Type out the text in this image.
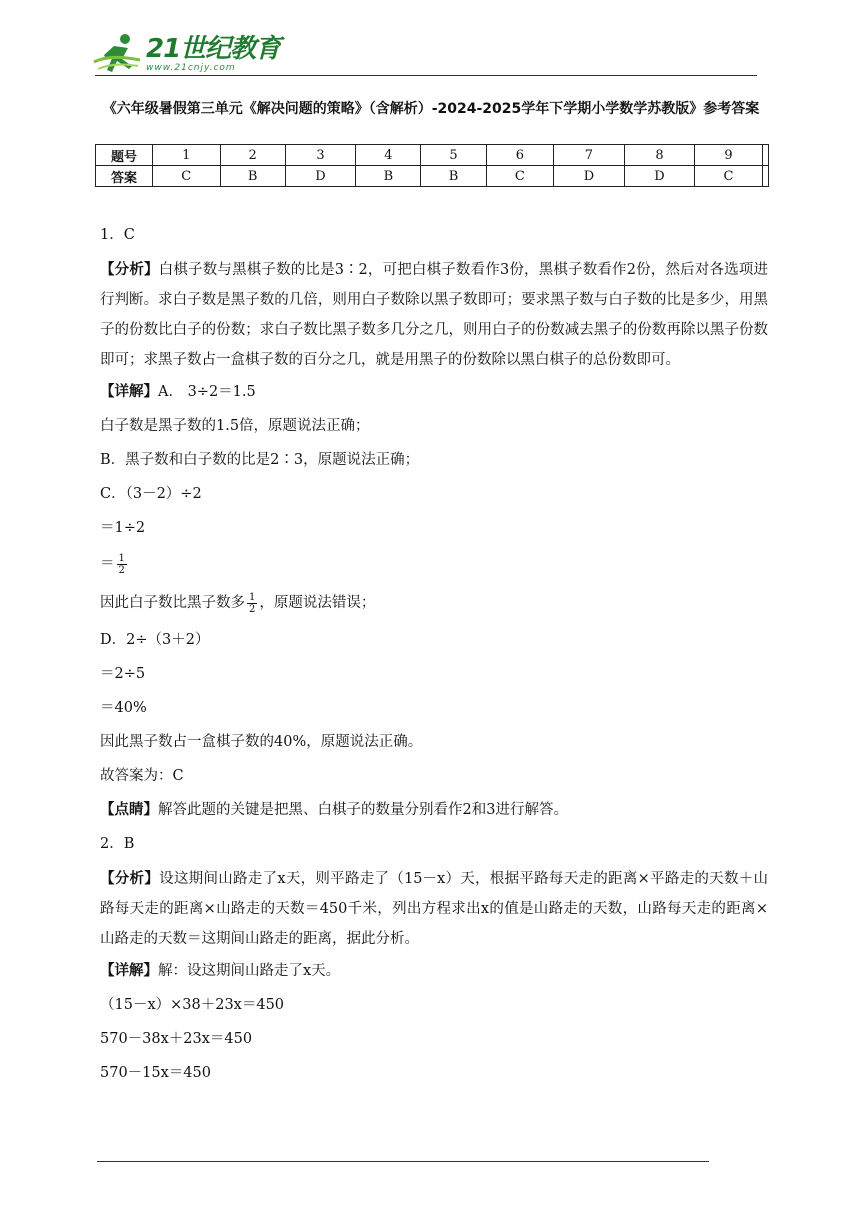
21世纪教育
www.21cnjy.com
《六年级暑假第三单元《解决问题的策略》（含解析）-2024-2025学年下学期小学数学苏教版》参考答案
题号	1	2	3	4	5	6	7	8	9	
答案	C	B	D	B	B	C	D	D	C	

1．C

【分析】白棋子数与黑棋子数的比是3∶2，可把白棋子数看作3份，黑棋子数看作2份，然后对各选项进行判断。求白子数是黑子数的几倍，则用白子数除以黑子数即可；要求黑子数与白子数的比是多少，用黑子的份数比白子的份数；求白子数比黑子数多几分之几，则用白子的份数减去黑子的份数再除以黑子份数即可；求黑子数占一盒棋子数的百分之几，就是用黑子的份数除以黑白棋子的总份数即可。

【详解】A． 3÷2＝1.5

白子数是黑子数的1.5倍，原题说法正确；

B．黑子数和白子数的比是2∶3，原题说法正确；

C．（3－2）÷2

＝1÷2

＝ $\frac{1}{2}$

因此白子数比黑子数多 $\frac{1}{2}$ ，原题说法错误；

D．2÷（3＋2）

＝2÷5

＝40%

因此黑子数占一盒棋子数的40%，原题说法正确。

故答案为：C

【点睛】解答此题的关键是把黑、白棋子的数量分别看作2和3进行解答。

2．B

【分析】设这期间山路走了x天，则平路走了（15－x）天，根据平路每天走的距离×平路走的天数＋山路每天走的距离×山路走的天数＝450千米，列出方程求出x的值是山路走的天数，山路每天走的距离×山路走的天数＝这期间山路走的距离，据此分析。

【详解】解：设这期间山路走了x天。

（15－x）×38＋23x＝450

570－38x＋23x＝450

570－15x＝450
